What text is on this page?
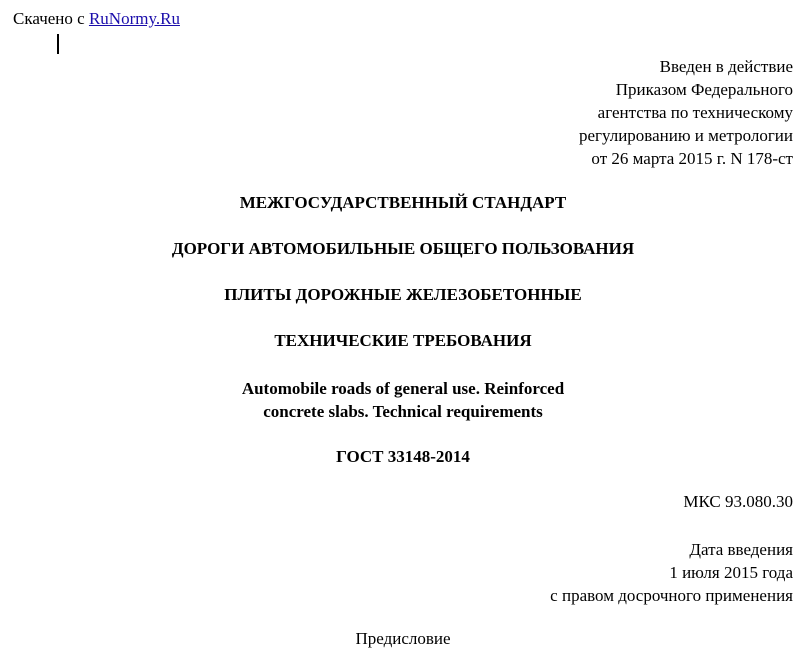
Скачено с RuNormy.Ru
Введен в действие
Приказом Федерального
агентства по техническому
регулированию и метрологии
от 26 марта 2015 г. N 178-ст
МЕЖГОСУДАРСТВЕННЫЙ СТАНДАРТ
ДОРОГИ АВТОМОБИЛЬНЫЕ ОБЩЕГО ПОЛЬЗОВАНИЯ
ПЛИТЫ ДОРОЖНЫЕ ЖЕЛЕЗОБЕТОННЫЕ
ТЕХНИЧЕСКИЕ ТРЕБОВАНИЯ
Automobile roads of general use. Reinforced
concrete slabs. Technical requirements
ГОСТ 33148-2014
МКС 93.080.30
Дата введения
1 июля 2015 года
с правом досрочного применения
Предисловие
